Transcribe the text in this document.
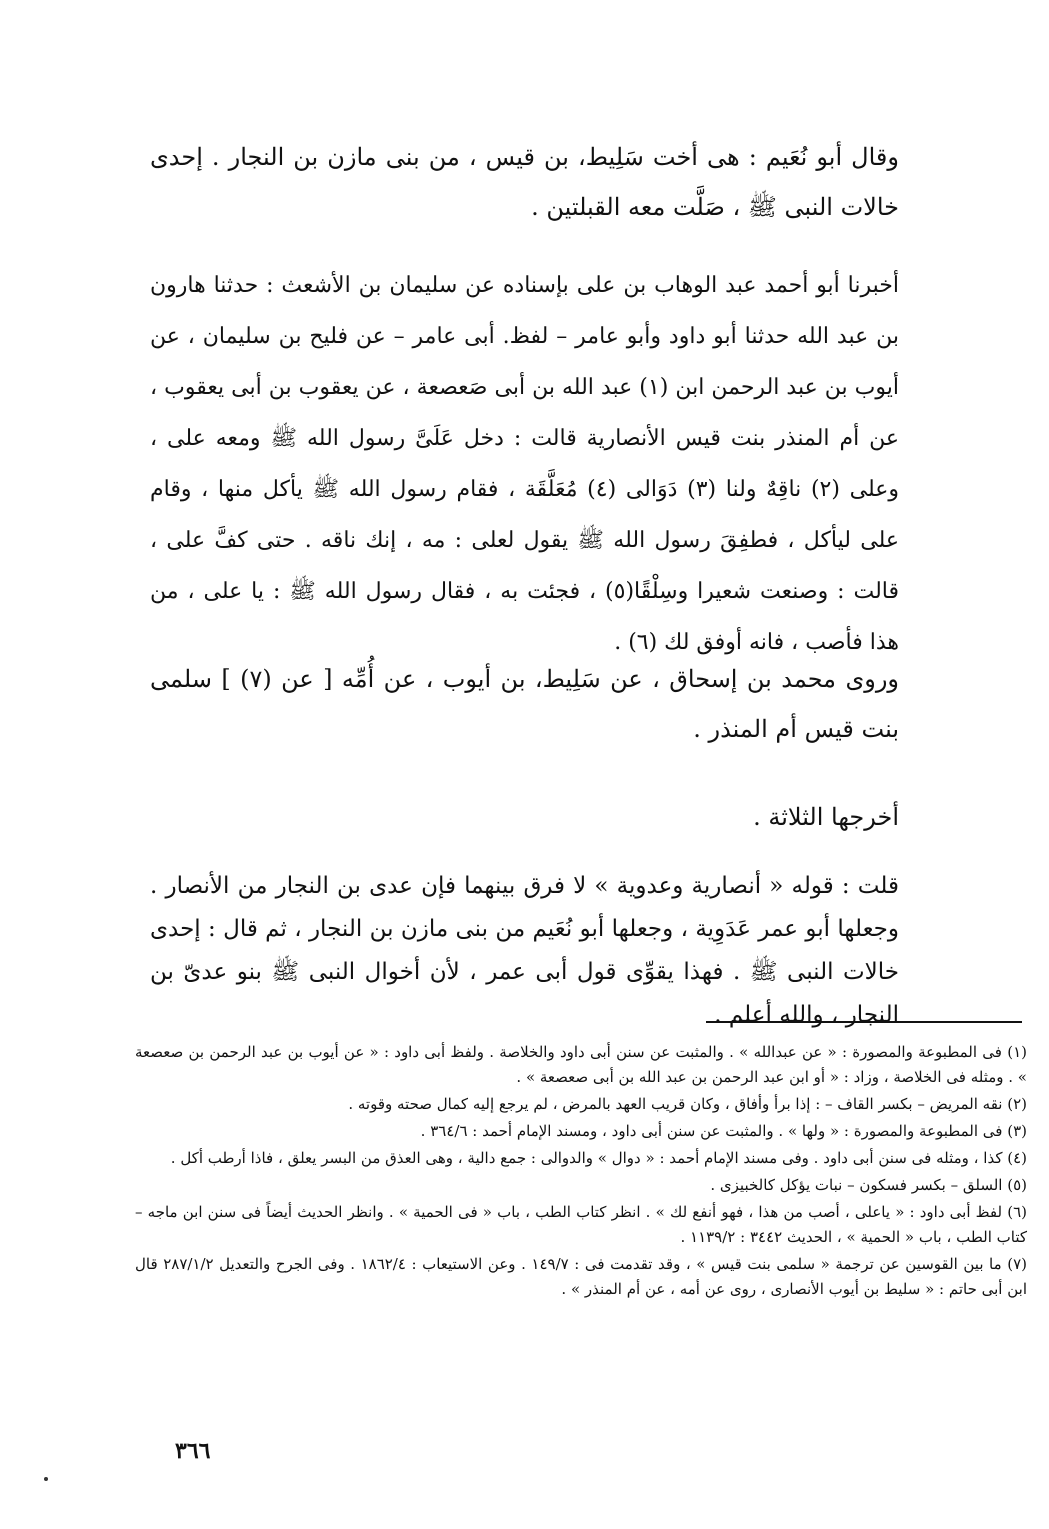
وقال أبو نُعَيم : هى أخت سَلِيط، بن قيس ، من بنى مازن بن النجار . إحدى خالات النبى ﷺ ، صَلَّت معه القبلتين .

أخبرنا أبو أحمد عبد الوهاب بن على بإسناده عن سليمان بن الأشعث : حدثنا هارون بن عبد الله حدثنا أبو داود وأبو عامر – لفظ. أبى عامر – عن فليح بن سليمان ، عن أيوب بن عبد الرحمن ابن (١) عبد الله بن أبى صَعصعة ، عن يعقوب بن أبى يعقوب ، عن أم المنذر بنت قيس الأنصارية قالت : دخل عَلَىَّ رسول الله ﷺ ومعه على ، وعلى (٢) ناقِهٌ ولنا (٣) دَوَالى (٤) مُعَلَّقَة ، فقام رسول الله ﷺ يأكل منها ، وقام على ليأكل ، فطفِقَ رسول الله ﷺ يقول لعلى : مه ، إنك ناقه . حتى كفَّ على ، قالت : وصنعت شعيرا وسِلْقًا(٥) ، فجئت به ، فقال رسول الله ﷺ : يا على ، من هذا فأصب ، فانه أوفق لك (٦) .

وروى محمد بن إسحاق ، عن سَلِيط، بن أيوب ، عن أُمِّه [ عن (٧) ] سلمى بنت قيس أم المنذر .

أخرجها الثلاثة .

قلت : قوله « أنصارية وعدوية » لا فرق بينهما فإن عدى بن النجار من الأنصار . وجعلها أبو عمر عَدَوِية ، وجعلها أبو نُعَيم من بنى مازن بن النجار ، ثم قال : إحدى خالات النبى ﷺ . فهذا يقوِّى قول أبى عمر ، لأن أخوال النبى ﷺ بنو عدىّ بن النجار ، والله أعلم .

(١) فى المطبوعة والمصورة : « عن عبدالله » . والمثبت عن سنن أبى داود والخلاصة . ولفظ أبى داود : « عن أيوب بن عبد الرحمن بن صعصعة » . ومثله فى الخلاصة ، وزاد : « أو ابن عبد الرحمن بن عبد الله بن أبى صعصعة » .

(٢) نقه المريض – بكسر القاف – : إذا برأ وأفاق ، وكان قريب العهد بالمرض ، لم يرجع إليه كمال صحته وقوته .

(٣) فى المطبوعة والمصورة : « ولها » . والمثبت عن سنن أبى داود ، ومسند الإمام أحمد : ٣٦٤/٦ .

(٤) كذا ، ومثله فى سنن أبى داود . وفى مسند الإمام أحمد : « دوال » والدوالى : جمع دالية ، وهى العذق من البسر يعلق ، فاذا أرطب أكل .

(٥) السلق – بكسر فسكون – نبات يؤكل كالخبيزى .

(٦) لفظ أبى داود : « ياعلى ، أصب من هذا ، فهو أنفع لك » . انظر كتاب الطب ، باب « فى الحمية » . وانظر الحديث أيضاً فى سنن ابن ماجه – كتاب الطب ، باب « الحمية » ، الحديث ٣٤٤٢ : ١١٣٩/٢ .

(٧) ما بين القوسين عن ترجمة « سلمى بنت قيس » ، وقد تقدمت فى : ١٤٩/٧ . وعن الاستيعاب : ١٨٦٢/٤ . وفى الجرح والتعديل ٢٨٧/١/٢ قال ابن أبى حاتم : « سليط بن أيوب الأنصارى ، روى عن أمه ، عن أم المنذر » .

٣٦٦
